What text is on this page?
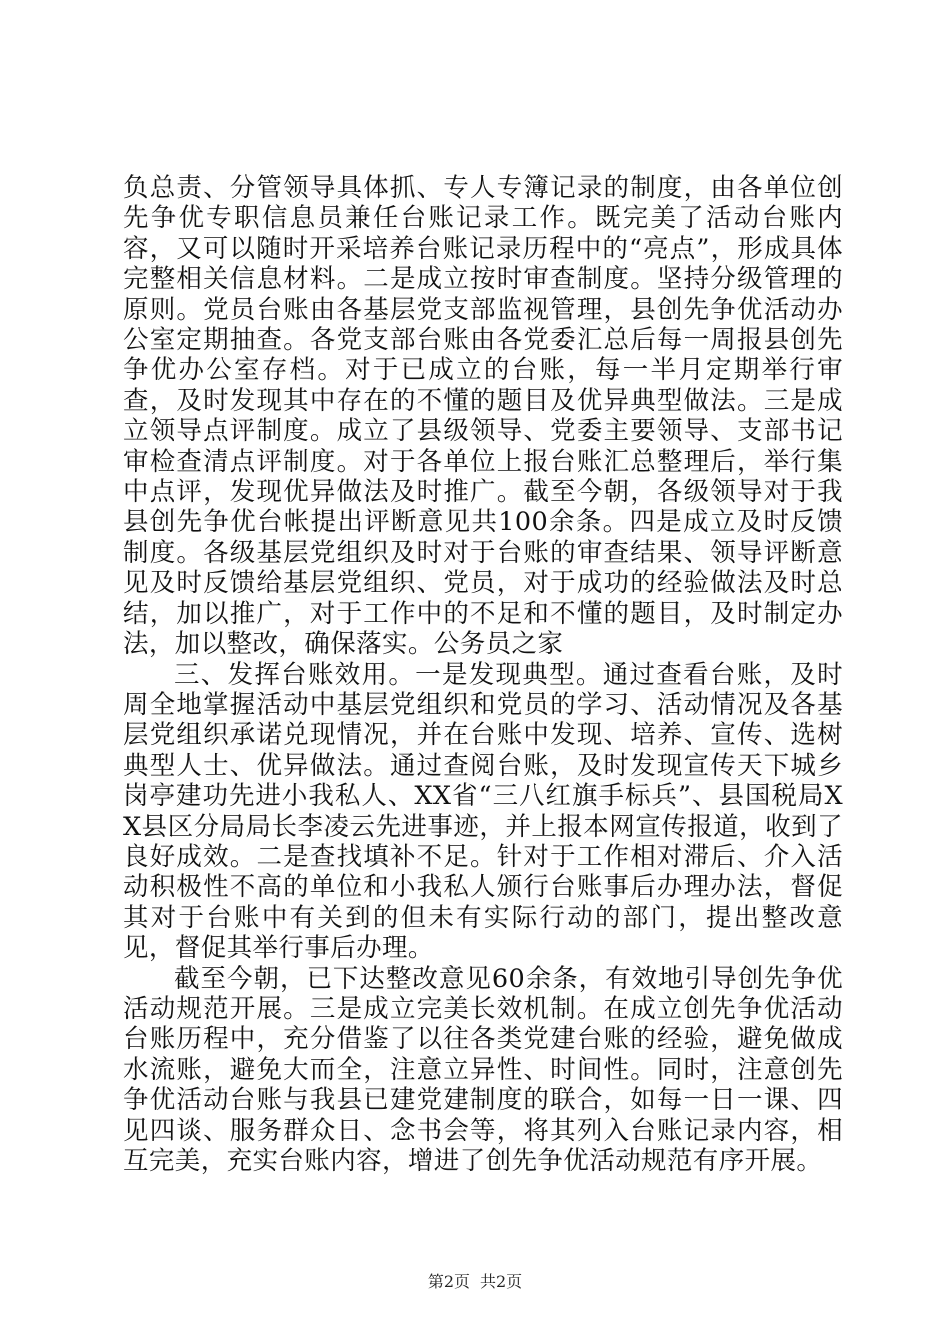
负总责、分管领导具体抓、专人专簿记录的制度，由各单位创先争优专职信息员兼任台账记录工作。既完美了活动台账内容，又可以随时开采培养台账记录历程中的“亮点”，形成具体完整相关信息材料。二是成立按时审查制度。坚持分级管理的原则。党员台账由各基层党支部监视管理，县创先争优活动办公室定期抽查。各党支部台账由各党委汇总后每一周报县创先争优办公室存档。对于已成立的台账，每一半月定期举行审查，及时发现其中存在的不懂的题目及优异典型做法。三是成立领导点评制度。成立了县级领导、党委主要领导、支部书记审检查清点评制度。对于各单位上报台账汇总整理后，举行集中点评，发现优异做法及时推广。截至今朝，各级领导对于我县创先争优台帐提出评断意见共100余条。四是成立及时反馈制度。各级基层党组织及时对于台账的审查结果、领导评断意见及时反馈给基层党组织、党员，对于成功的经验做法及时总结，加以推广，对于工作中的不足和不懂的题目，及时制定办法，加以整改，确保落实。公务员之家

三、发挥台账效用。一是发现典型。通过查看台账，及时周全地掌握活动中基层党组织和党员的学习、活动情况及各基层党组织承诺兑现情况，并在台账中发现、培养、宣传、选树典型人士、优异做法。通过查阅台账，及时发现宣传天下城乡岗亭建功先进小我私人、XX省“三八红旗手标兵”、县国税局XX县区分局局长李凌云先进事迹，并上报本网宣传报道，收到了良好成效。二是查找填补不足。针对于工作相对滞后、介入活动积极性不高的单位和小我私人颁行台账事后办理办法，督促其对于台账中有关到的但未有实际行动的部门，提出整改意见，督促其举行事后办理。

截至今朝，已下达整改意见60余条，有效地引导创先争优活动规范开展。三是成立完美长效机制。在成立创先争优活动台账历程中，充分借鉴了以往各类党建台账的经验，避免做成水流账，避免大而全，注意立异性、时间性。同时，注意创先争优活动台账与我县已建党建制度的联合，如每一日一课、四见四谈、服务群众日、念书会等，将其列入台账记录内容，相互完美，充实台账内容，增进了创先争优活动规范有序开展。

第2页 共2页
